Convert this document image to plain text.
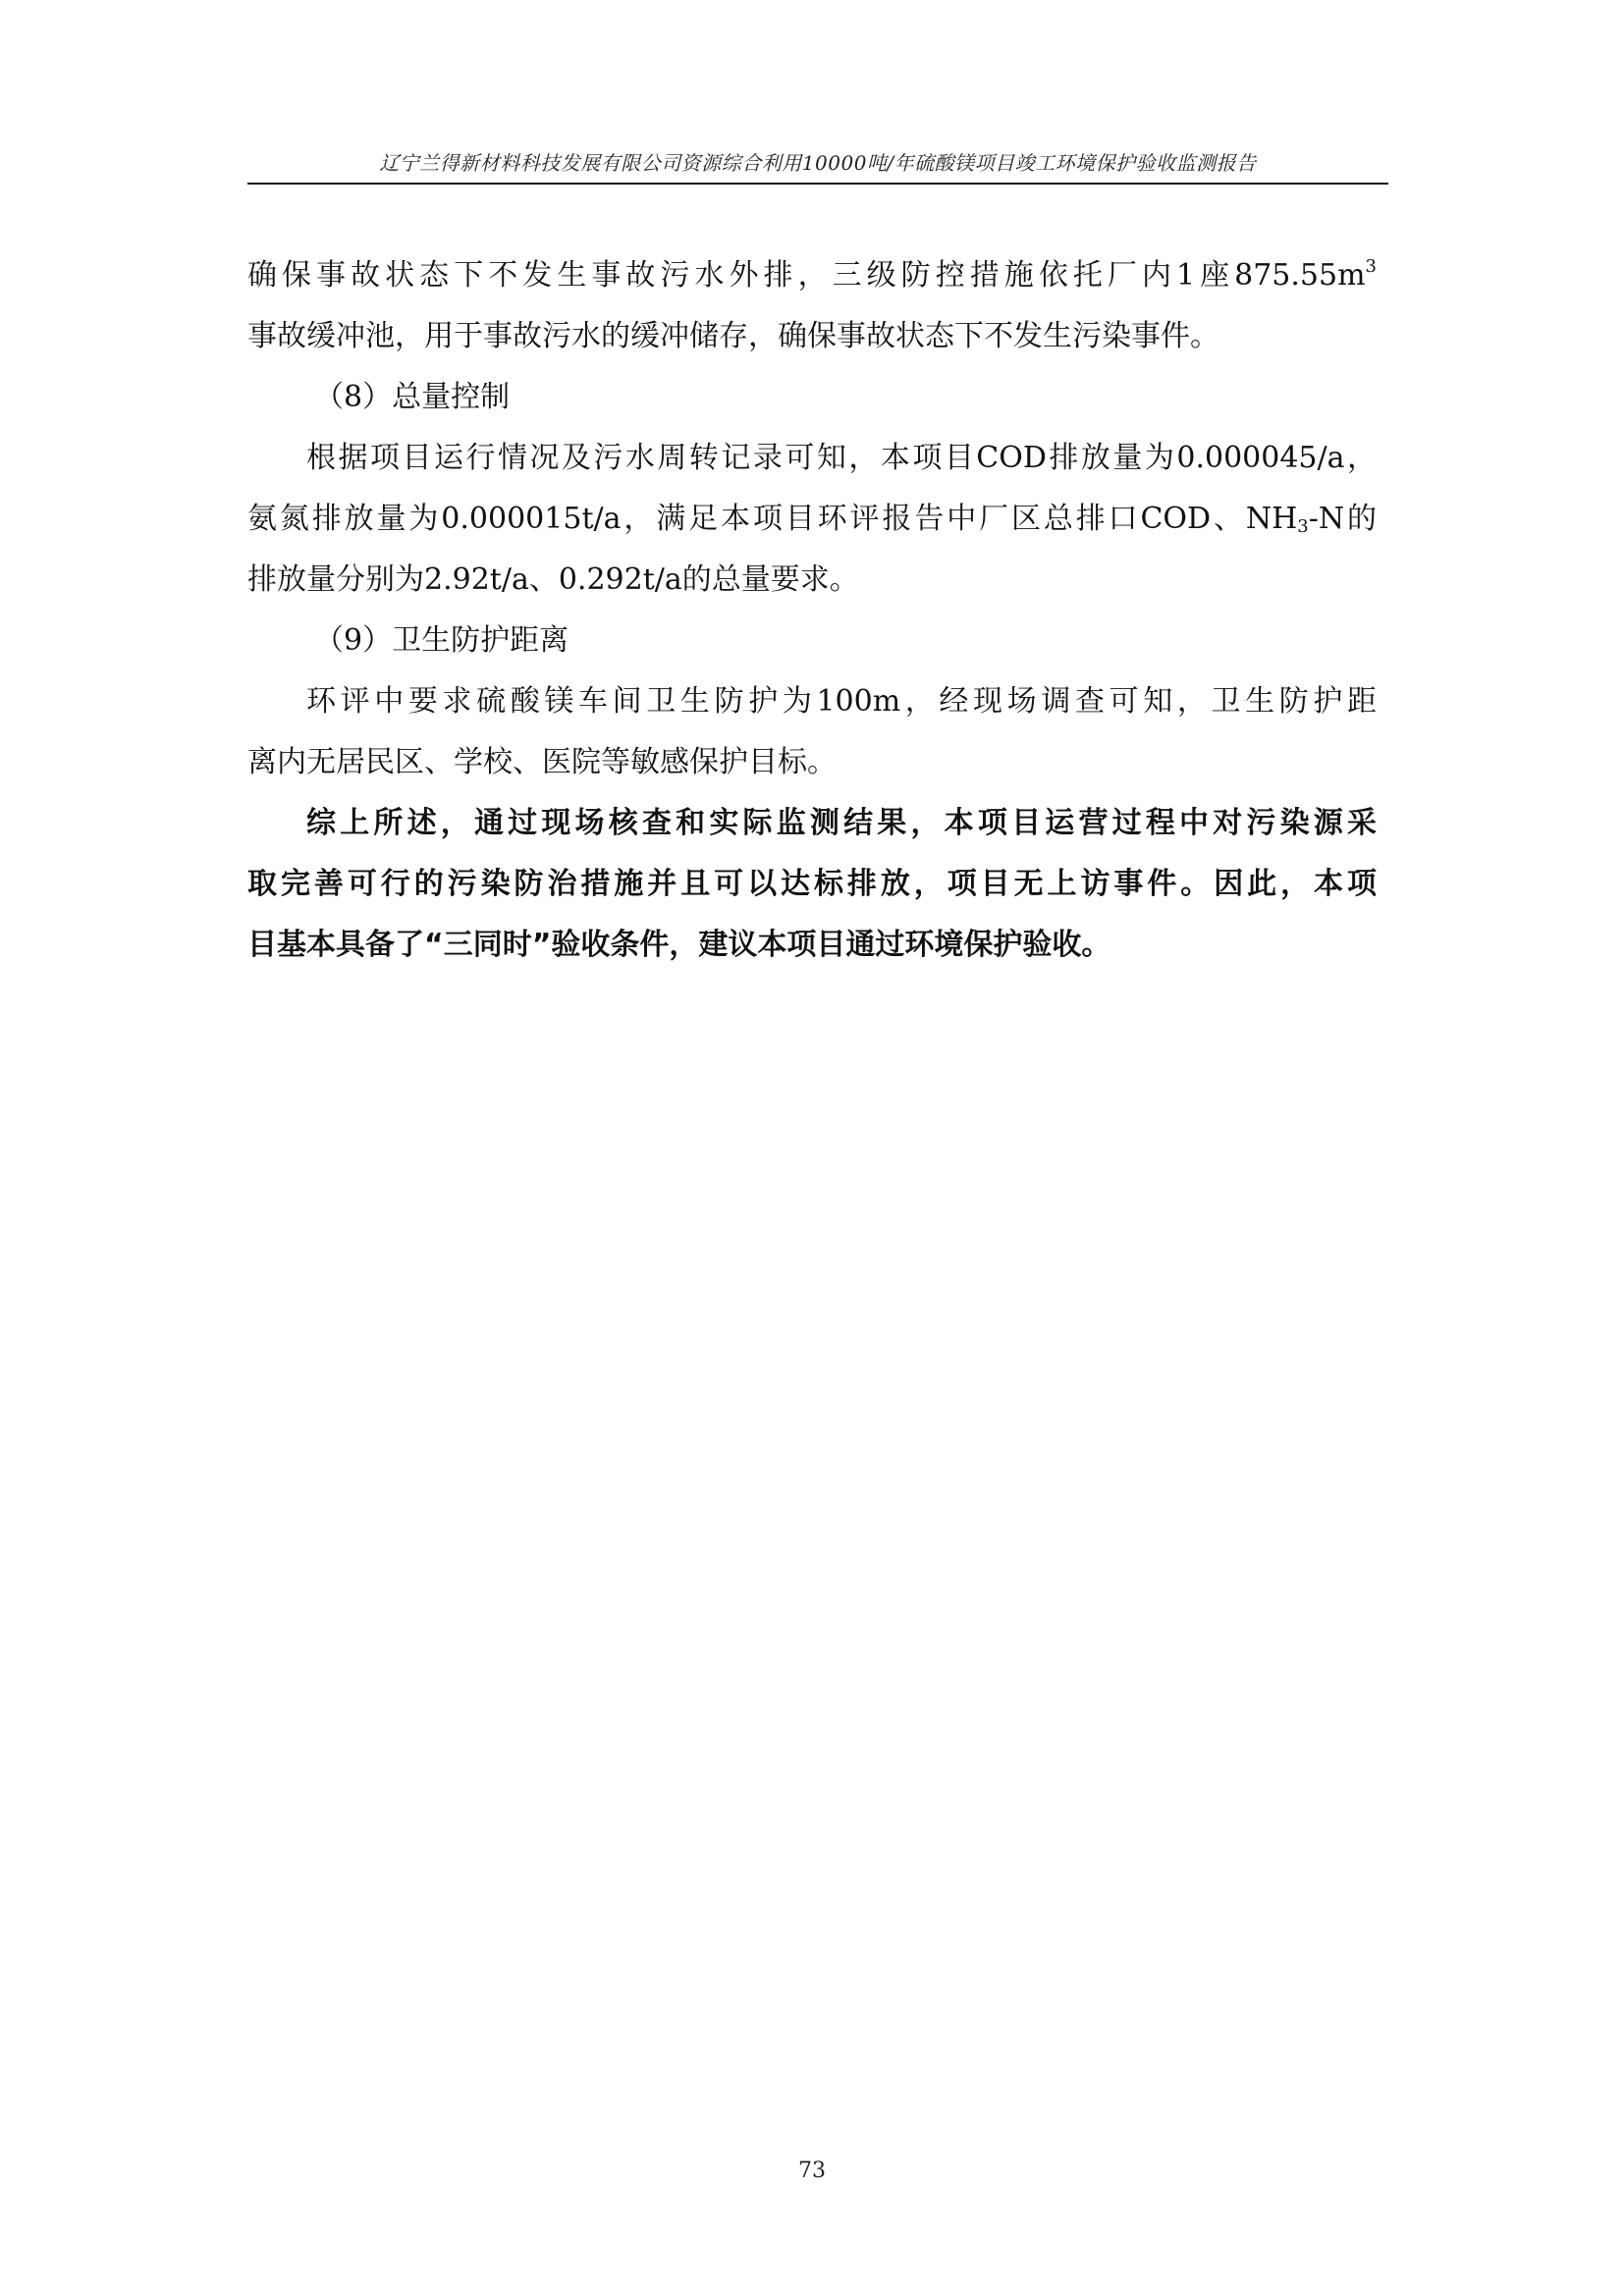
辽宁兰得新材料科技发展有限公司资源综合利用10000吨/年硫酸镁项目竣工环境保护验收监测报告
确保事故状态下不发生事故污水外排，三级防控措施依托厂内1座$875.55m^3$
事故缓冲池，用于事故污水的缓冲储存，确保事故状态下不发生污染事件。
（8）总量控制
根据项目运行情况及污水周转记录可知，本项目COD排放量为0.000045/a，
氨氮排放量为0.000015t/a，满足本项目环评报告中厂区总排口COD、$NH_3-N$的
排放量分别为2.92t/a、0.292t/a的总量要求。
（9）卫生防护距离
环评中要求硫酸镁车间卫生防护为100m，经现场调查可知，卫生防护距
离内无居民区、学校、医院等敏感保护目标。
综上所述，通过现场核查和实际监测结果，本项目运营过程中对污染源采
取完善可行的污染防治措施并且可以达标排放，项目无上访事件。因此，本项
目基本具备了“三同时”验收条件，建议本项目通过环境保护验收。
73
